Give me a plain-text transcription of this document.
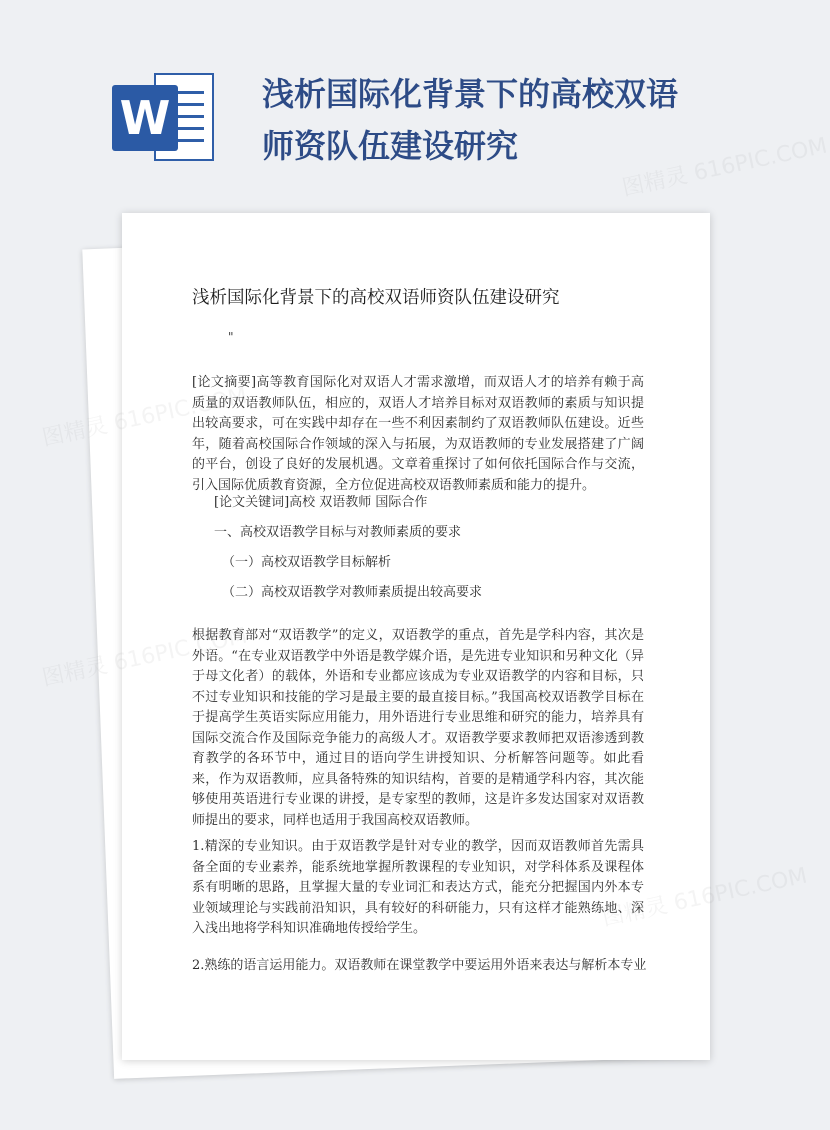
W	浅析国际化背景下的高校双语师资队伍建设研究
浅析国际化背景下的高校双语师资队伍建设研究
"

[论文摘要]高等教育国际化对双语人才需求激增，而双语人才的培养有赖于高质量的双语教师队伍，相应的，双语人才培养目标对双语教师的素质与知识提出较高要求，可在实践中却存在一些不利因素制约了双语教师队伍建设。近些年，随着高校国际合作领域的深入与拓展，为双语教师的专业发展搭建了广阔的平台，创设了良好的发展机遇。文章着重探讨了如何依托国际合作与交流，引入国际优质教育资源，全方位促进高校双语教师素质和能力的提升。

[论文关键词]高校 双语教师 国际合作
一、高校双语教学目标与对教师素质的要求
（一）高校双语教学目标解析
（二）高校双语教学对教师素质提出较高要求

根据教育部对“双语教学”的定义，双语教学的重点，首先是学科内容，其次是外语。“在专业双语教学中外语是教学媒介语，是先进专业知识和另种文化（异于母文化者）的载体，外语和专业都应该成为专业双语教学的内容和目标，只不过专业知识和技能的学习是最主要的最直接目标。”我国高校双语教学目标在于提高学生英语实际应用能力，用外语进行专业思维和研究的能力，培养具有国际交流合作及国际竞争能力的高级人才。双语教学要求教师把双语渗透到教育教学的各环节中，通过目的语向学生讲授知识、分析解答问题等。如此看来，作为双语教师，应具备特殊的知识结构，首要的是精通学科内容，其次能够使用英语进行专业课的讲授，是专家型的教师，这是许多发达国家对双语教师提出的要求，同样也适用于我国高校双语教师。

1.精深的专业知识。由于双语教学是针对专业的教学，因而双语教师首先需具备全面的专业素养，能系统地掌握所教课程的专业知识，对学科体系及课程体系有明晰的思路，且掌握大量的专业词汇和表达方式，能充分把握国内外本专业领域理论与实践前沿知识，具有较好的科研能力，只有这样才能熟练地、深入浅出地将学科知识准确地传授给学生。

2.熟练的语言运用能力。双语教师在课堂教学中要运用外语来表达与解析本专业
图精灵 616PIC.COM
图精灵
图精灵
616PIC.COM
